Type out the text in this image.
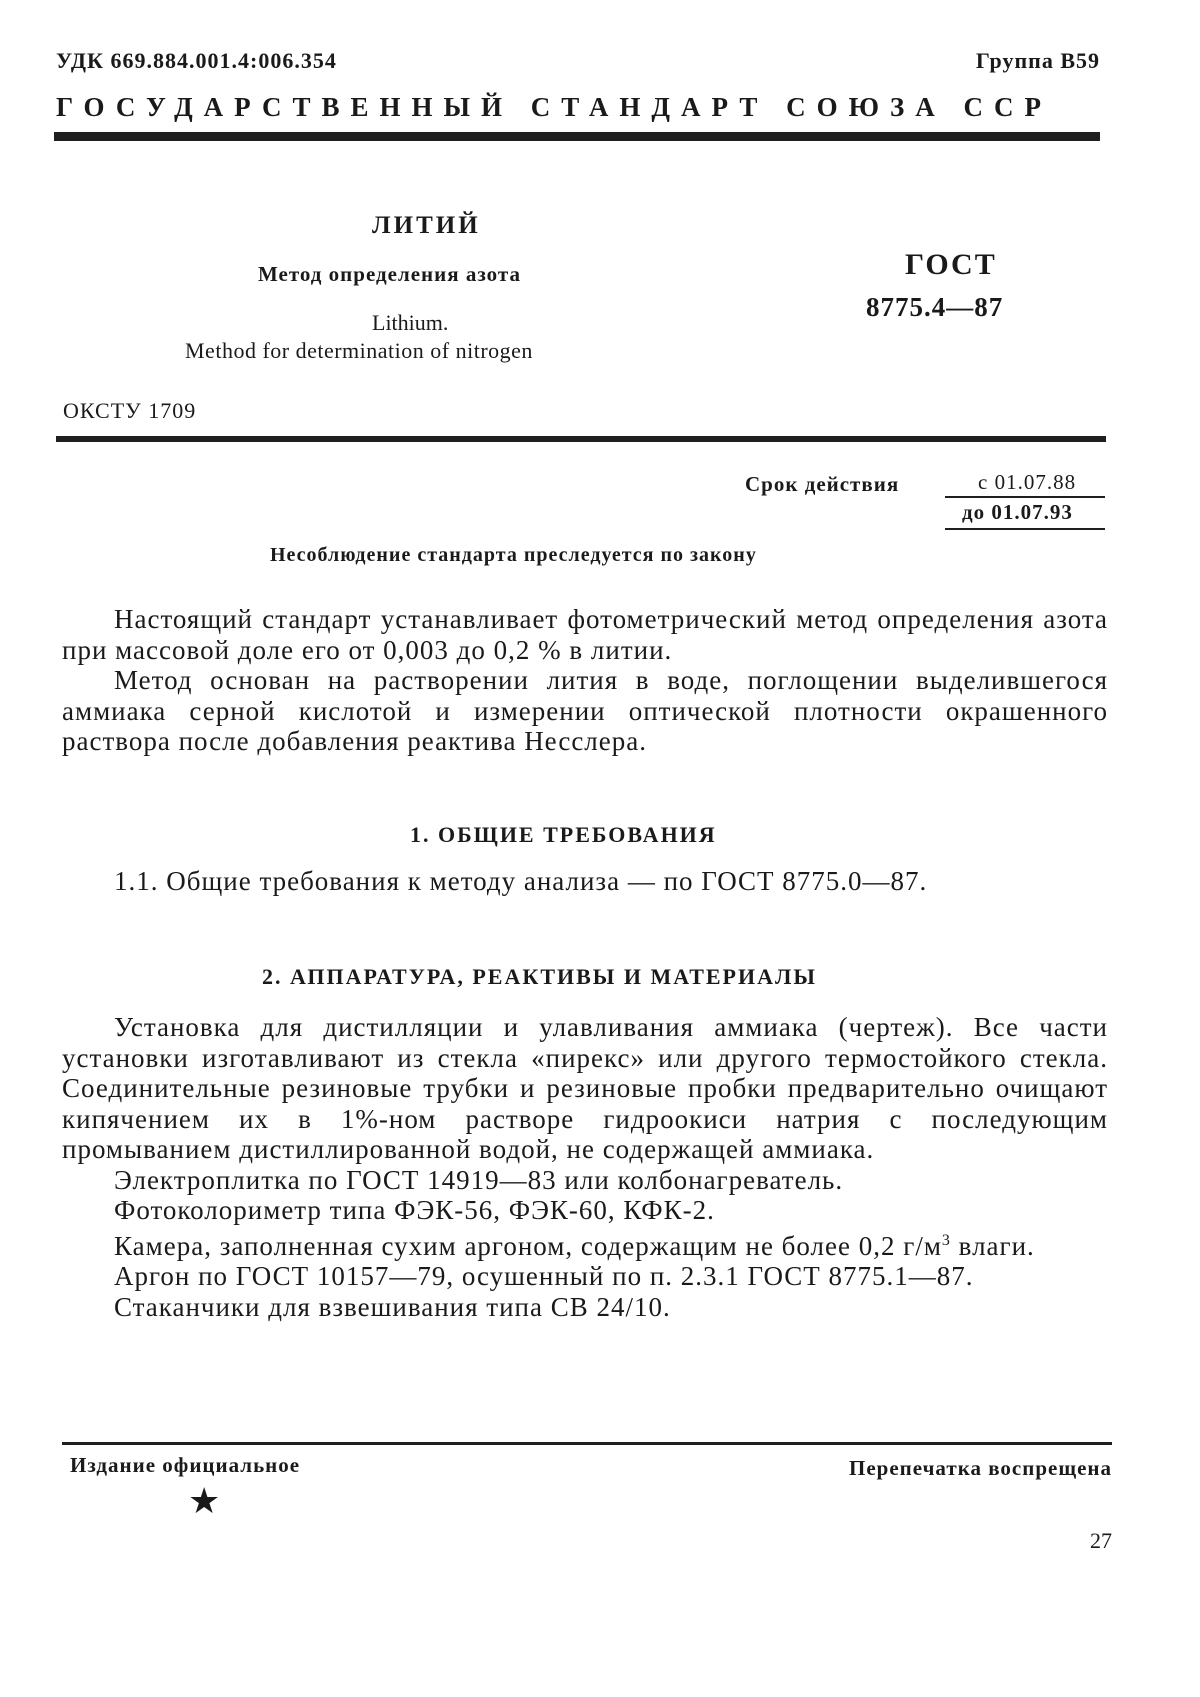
УДК 669.884.001.4:006.354	Группа В59
ГОСУДАРСТВЕННЫЙ СТАНДАРТ СОЮЗА ССР
ЛИТИЙ
Метод определения азота
Lithium.
Method for determination of nitrogen
ГОСТ
8775.4—87
ОКСТУ 1709
Срок действия	с 01.07.88
до 01.07.93
Несоблюдение стандарта преследуется по закону

Настоящий стандарт устанавливает фотометрический метод определения азота при массовой доле его от 0,003 до 0,2 % в литии.

Метод основан на растворении лития в воде, поглощении выделившегося аммиака серной кислотой и измерении оптической плотности окрашенного раствора после добавления реактива Несслера.

1. ОБЩИЕ ТРЕБОВАНИЯ

1.1. Общие требования к методу анализа — по ГОСТ 8775.0—87.

2. АППАРАТУРА, РЕАКТИВЫ И МАТЕРИАЛЫ

Установка для дистилляции и улавливания аммиака (чертеж). Все части установки изготавливают из стекла «пирекс» или другого термостойкого стекла. Соединительные резиновые трубки и резиновые пробки предварительно очищают кипячением их в 1%-ном растворе гидроокиси натрия с последующим промыванием дистиллированной водой, не содержащей аммиака.

Электроплитка по ГОСТ 14919—83 или колбонагреватель.

Фотоколориметр типа ФЭК-56, ФЭК-60, КФК-2.

Камера, заполненная сухим аргоном, содержащим не более 0,2 $г/м^3$ влаги.

Аргон по ГОСТ 10157—79, осушенный по п. 2.3.1 ГОСТ 8775.1—87.

Стаканчики для взвешивания типа СВ 24/10.

Издание официальное
★
Перепечатка воспрещена
27
